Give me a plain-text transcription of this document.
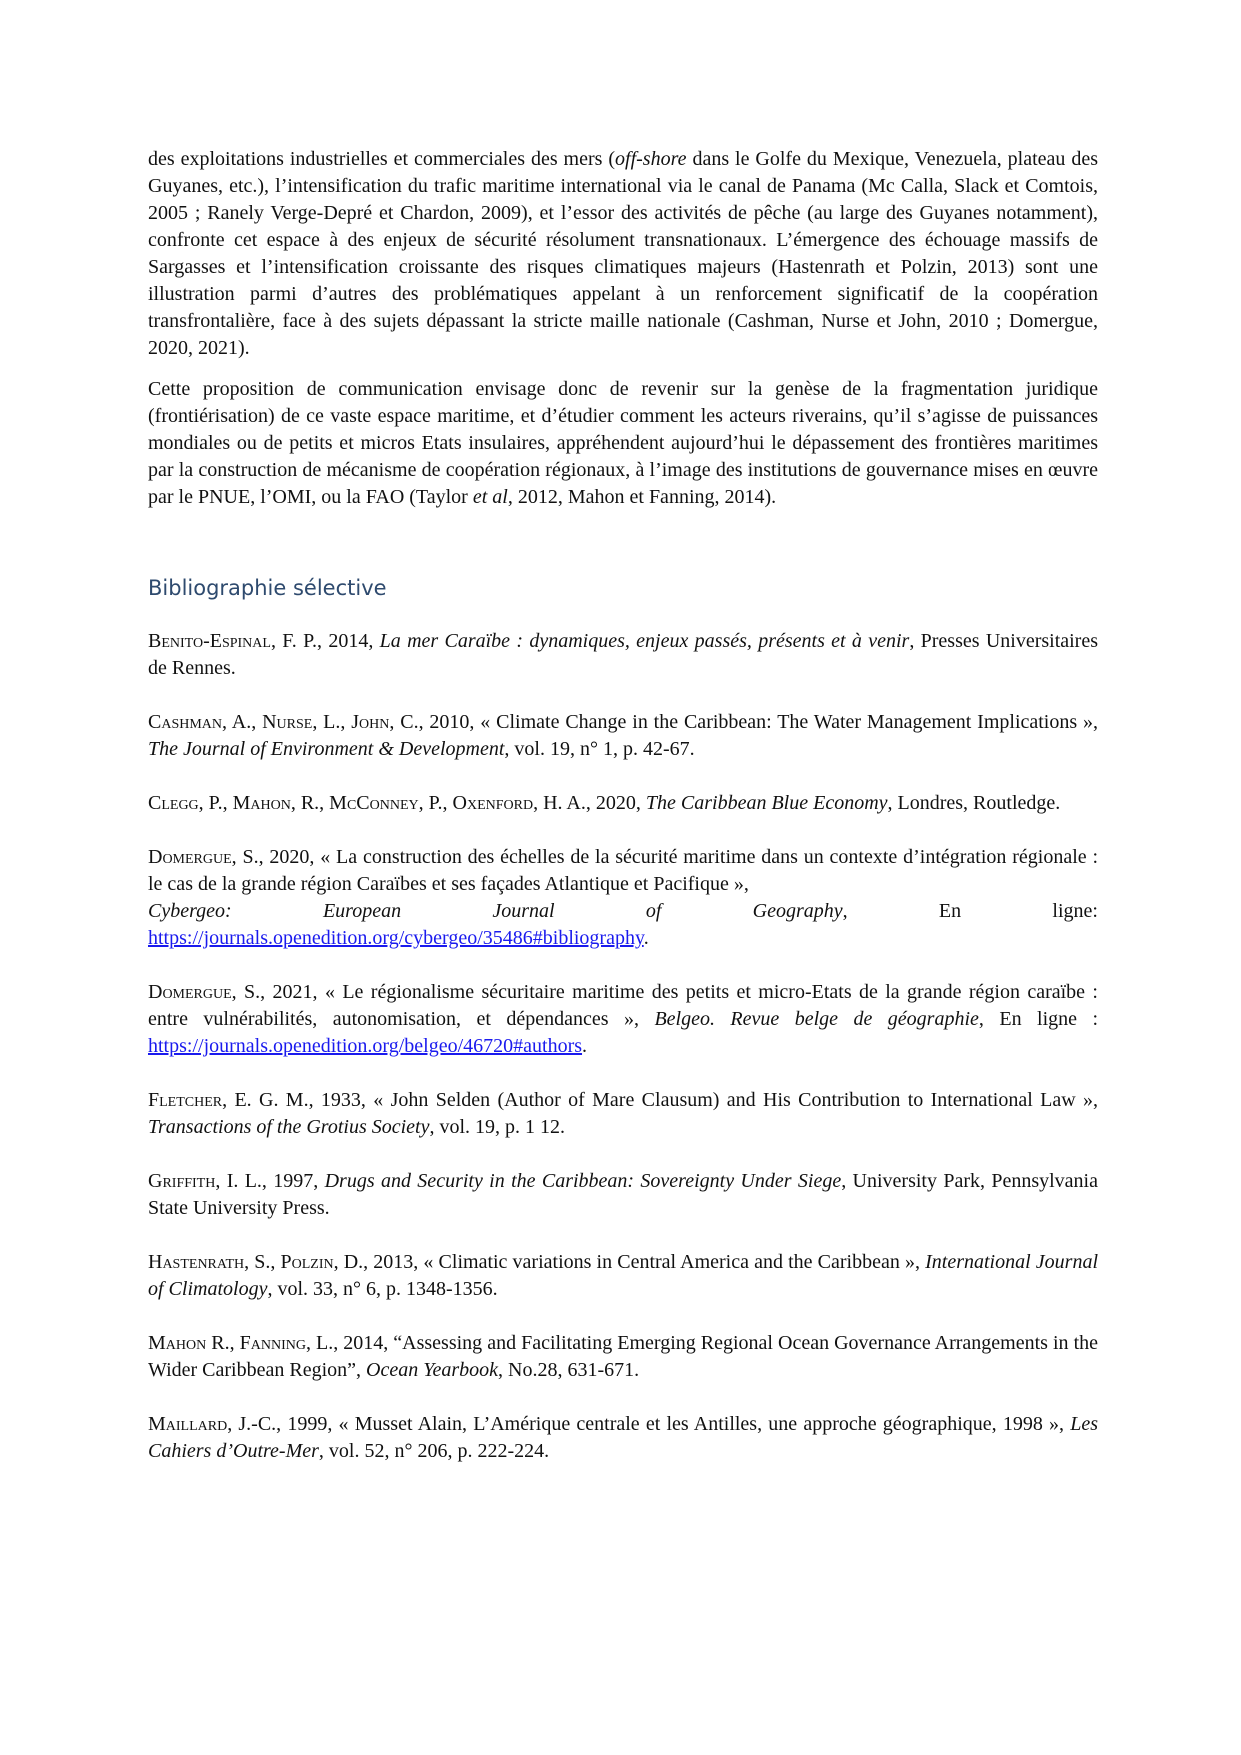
des exploitations industrielles et commerciales des mers (off-shore dans le Golfe du Mexique, Venezuela, plateau des Guyanes, etc.), l’intensification du trafic maritime international via le canal de Panama (Mc Calla, Slack et Comtois, 2005 ; Ranely Verge-Depré et Chardon, 2009), et l’essor des activités de pêche (au large des Guyanes notamment), confronte cet espace à des enjeux de sécurité résolument transnationaux. L’émergence des échouage massifs de Sargasses et l’intensification croissante des risques climatiques majeurs (Hastenrath et Polzin, 2013) sont une illustration parmi d’autres des problématiques appelant à un renforcement significatif de la coopération transfrontalière, face à des sujets dépassant la stricte maille nationale (Cashman, Nurse et John, 2010 ; Domergue, 2020, 2021).

Cette proposition de communication envisage donc de revenir sur la genèse de la fragmentation juridique (frontiérisation) de ce vaste espace maritime, et d’étudier comment les acteurs riverains, qu’il s’agisse de puissances mondiales ou de petits et micros Etats insulaires, appréhendent aujourd’hui le dépassement des frontières maritimes par la construction de mécanisme de coopération régionaux, à l’image des institutions de gouvernance mises en œuvre par le PNUE, l’OMI, ou la FAO (Taylor et al, 2012, Mahon et Fanning, 2014).

Bibliographie sélective

Benito-Espinal, F. P., 2014, La mer Caraïbe : dynamiques, enjeux passés, présents et à venir, Presses Universitaires de Rennes.

Cashman, A., Nurse, L., John, C., 2010, « Climate Change in the Caribbean: The Water Management Implications », The Journal of Environment & Development, vol. 19, n° 1, p. 42-67.

Clegg, P., Mahon, R., McConney, P., Oxenford, H. A., 2020, The Caribbean Blue Economy, Londres, Routledge.

Domergue, S., 2020, « La construction des échelles de la sécurité maritime dans un contexte d’intégration régionale : le cas de la grande région Caraïbes et ses façades Atlantique et Pacifique »,
Cybergeo:	European	Journal	of	Geography,	En	ligne:
https://journals.openedition.org/cybergeo/35486#bibliography.

Domergue, S., 2021, « Le régionalisme sécuritaire maritime des petits et micro-Etats de la grande région caraïbe : entre vulnérabilités, autonomisation, et dépendances », Belgeo. Revue belge de géographie, En ligne : https://journals.openedition.org/belgeo/46720#authors.

Fletcher, E. G. M., 1933, « John Selden (Author of Mare Clausum) and His Contribution to International Law », Transactions of the Grotius Society, vol. 19, p. 1 12.

Griffith, I. L., 1997, Drugs and Security in the Caribbean: Sovereignty Under Siege, University Park, Pennsylvania State University Press.

Hastenrath, S., Polzin, D., 2013, « Climatic variations in Central America and the Caribbean », International Journal of Climatology, vol. 33, n° 6, p. 1348-1356.

Mahon R., Fanning, L., 2014, “Assessing and Facilitating Emerging Regional Ocean Governance Arrangements in the Wider Caribbean Region”, Ocean Yearbook, No.28, 631-671.

Maillard, J.-C., 1999, « Musset Alain, L’Amérique centrale et les Antilles, une approche géographique, 1998 », Les Cahiers d’Outre-Mer, vol. 52, n° 206, p. 222-224.
